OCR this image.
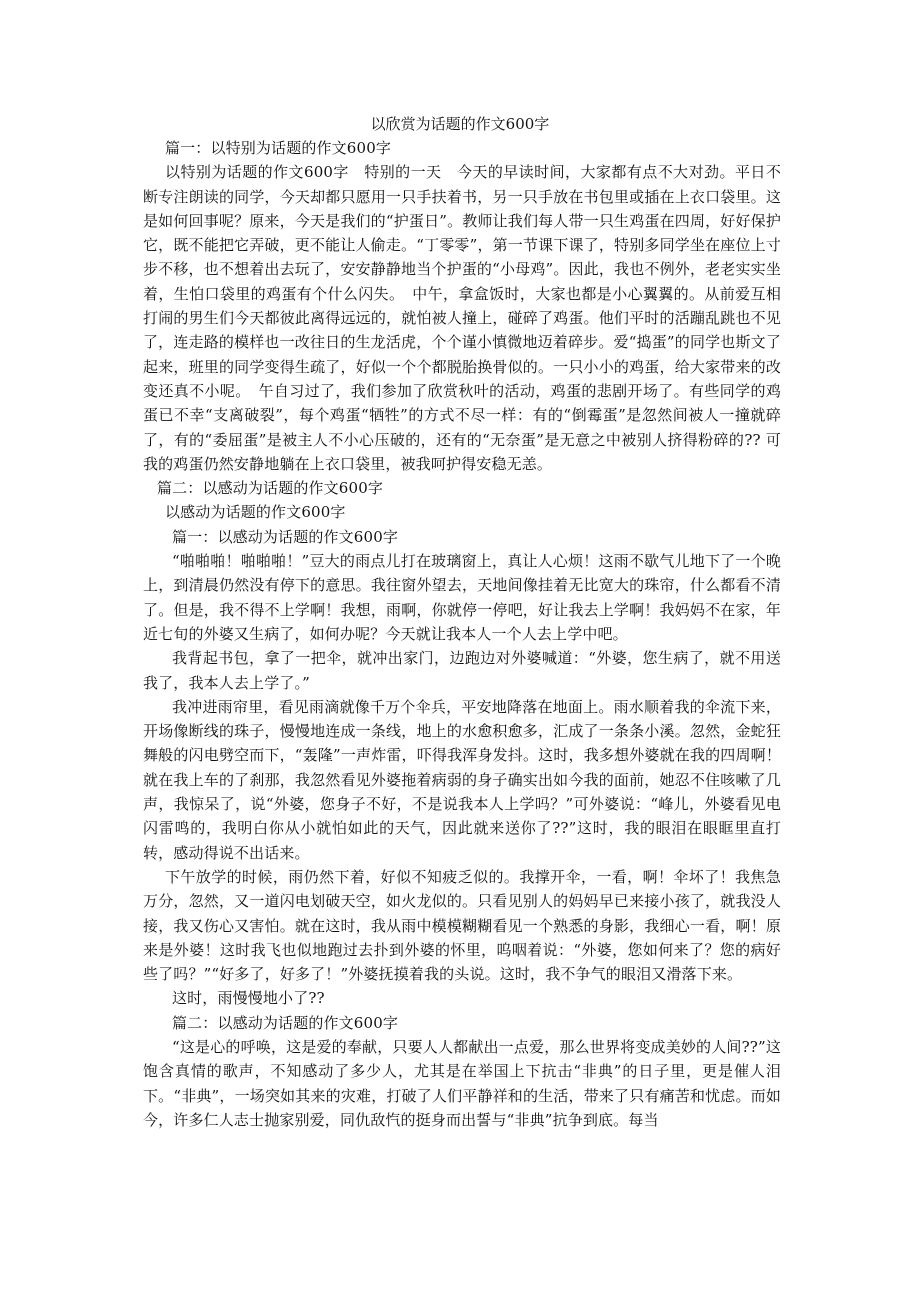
以欣赏为话题的作文600字

篇一：以特别为话题的作文600字

以特别为话题的作文600字　特别的一天　今天的早读时间，大家都有点不大对劲。平日不断专注朗读的同学，今天却都只愿用一只手扶着书，另一只手放在书包里或插在上衣口袋里。这是如何回事呢？原来，今天是我们的“护蛋日”。教师让我们每人带一只生鸡蛋在四周，好好保护它，既不能把它弄破，更不能让人偷走。“丁零零”，第一节课下课了，特别多同学坐在座位上寸步不移，也不想着出去玩了，安安静静地当个护蛋的“小母鸡”。因此，我也不例外，老老实实坐着，生怕口袋里的鸡蛋有个什么闪失。　中午，拿盒饭时，大家也都是小心翼翼的。从前爱互相打闹的男生们今天都彼此离得远远的，就怕被人撞上，碰碎了鸡蛋。他们平时的活蹦乱跳也不见了，连走路的模样也一改往日的生龙活虎，个个谨小慎微地迈着碎步。爱“捣蛋”的同学也斯文了起来，班里的同学变得生疏了，好似一个个都脱胎换骨似的。一只小小的鸡蛋，给大家带来的改变还真不小呢。　午自习过了，我们参加了欣赏秋叶的活动，鸡蛋的悲剧开场了。有些同学的鸡蛋已不幸“支离破裂”，每个鸡蛋“牺牲”的方式不尽一样：有的“倒霉蛋”是忽然间被人一撞就碎了，有的“委屈蛋”是被主人不小心压破的，还有的“无奈蛋”是无意之中被别人挤得粉碎的?? 可我的鸡蛋仍然安静地躺在上衣口袋里，被我呵护得安稳无恙。

篇二：以感动为话题的作文600字

以感动为话题的作文600字

篇一：以感动为话题的作文600字

“啪啪啪！啪啪啪！”豆大的雨点儿打在玻璃窗上，真让人心烦！这雨不歇气儿地下了一个晚上，到清晨仍然没有停下的意思。我往窗外望去，天地间像挂着无比宽大的珠帘，什么都看不清了。但是，我不得不上学啊！我想，雨啊，你就停一停吧，好让我去上学啊！我妈妈不在家，年近七旬的外婆又生病了，如何办呢？今天就让我本人一个人去上学中吧。

我背起书包，拿了一把伞，就冲出家门，边跑边对外婆喊道：“外婆，您生病了，就不用送我了，我本人去上学了。”

我冲进雨帘里，看见雨滴就像千万个伞兵，平安地降落在地面上。雨水顺着我的伞流下来，开场像断线的珠子，慢慢地连成一条线，地上的水愈积愈多，汇成了一条条小溪。忽然，金蛇狂舞般的闪电劈空而下，“轰隆”一声炸雷，吓得我浑身发抖。这时，我多想外婆就在我的四周啊！就在我上车的了刹那，我忽然看见外婆拖着病弱的身子确实出如今我的面前，她忍不住咳嗽了几声，我惊呆了，说“外婆，您身子不好，不是说我本人上学吗？”可外婆说：“峰儿，外婆看见电闪雷鸣的，我明白你从小就怕如此的天气，因此就来送你了??”这时，我的眼泪在眼眶里直打转，感动得说不出话来。

下午放学的时候，雨仍然下着，好似不知疲乏似的。我撑开伞，一看，啊！伞坏了！我焦急万分，忽然，又一道闪电划破天空，如火龙似的。只看见别人的妈妈早已来接小孩了，就我没人接，我又伤心又害怕。就在这时，我从雨中模模糊糊看见一个熟悉的身影，我细心一看，啊！原来是外婆！这时我飞也似地跑过去扑到外婆的怀里，呜咽着说：“外婆，您如何来了？您的病好些了吗？”“好多了，好多了！”外婆抚摸着我的头说。这时，我不争气的眼泪又滑落下来。

这时，雨慢慢地小了??

篇二：以感动为话题的作文600字

“这是心的呼唤，这是爱的奉献，只要人人都献出一点爱，那么世界将变成美妙的人间??”这饱含真情的歌声，不知感动了多少人，尤其是在举国上下抗击“非典”的日子里，更是催人泪下。“非典”，一场突如其来的灾难，打破了人们平静祥和的生活，带来了只有痛苦和忧虑。而如今，许多仁人志士抛家别爱，同仇敌忾的挺身而出誓与“非典”抗争到底。每当
